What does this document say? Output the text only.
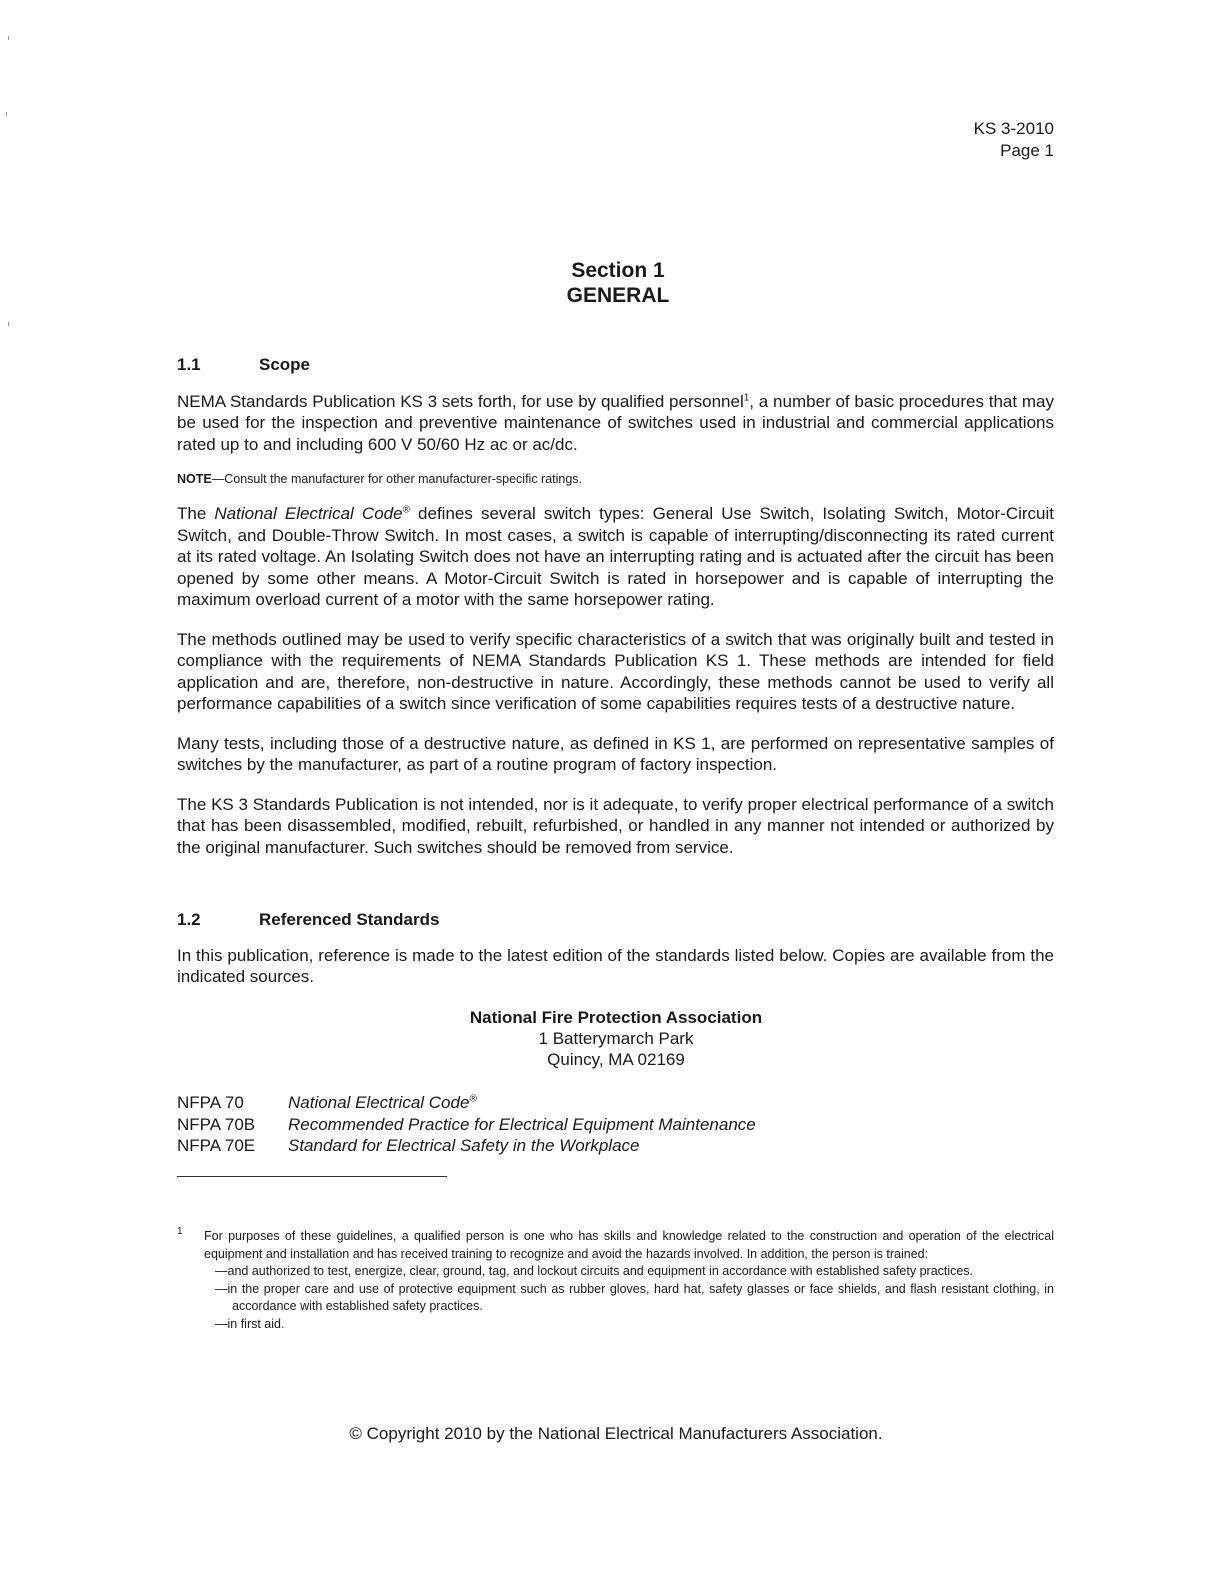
KS 3-2010
Page 1
Section 1
GENERAL
1.1	Scope

NEMA Standards Publication KS 3 sets forth, for use by qualified personnel$^1$, a number of basic procedures that may be used for the inspection and preventive maintenance of switches used in industrial and commercial applications rated up to and including 600 V 50/60 Hz ac or ac/dc.

NOTE—Consult the manufacturer for other manufacturer-specific ratings.

The National Electrical Code® defines several switch types: General Use Switch, Isolating Switch, Motor-Circuit Switch, and Double-Throw Switch. In most cases, a switch is capable of interrupting/disconnecting its rated current at its rated voltage. An Isolating Switch does not have an interrupting rating and is actuated after the circuit has been opened by some other means. A Motor-Circuit Switch is rated in horsepower and is capable of interrupting the maximum overload current of a motor with the same horsepower rating.

The methods outlined may be used to verify specific characteristics of a switch that was originally built and tested in compliance with the requirements of NEMA Standards Publication KS 1. These methods are intended for field application and are, therefore, non-destructive in nature. Accordingly, these methods cannot be used to verify all performance capabilities of a switch since verification of some capabilities requires tests of a destructive nature.

Many tests, including those of a destructive nature, as defined in KS 1, are performed on representative samples of switches by the manufacturer, as part of a routine program of factory inspection.

The KS 3 Standards Publication is not intended, nor is it adequate, to verify proper electrical performance of a switch that has been disassembled, modified, rebuilt, refurbished, or handled in any manner not intended or authorized by the original manufacturer. Such switches should be removed from service.

1.2	Referenced Standards

In this publication, reference is made to the latest edition of the standards listed below. Copies are available from the indicated sources.

National Fire Protection Association
1 Batterymarch Park
Quincy, MA 02169
NFPA 70	National Electrical Code®
NFPA 70B	Recommended Practice for Electrical Equipment Maintenance
NFPA 70E	Standard for Electrical Safety in the Workplace
1	For purposes of these guidelines, a qualified person is one who has skills and knowledge related to the construction and operation of the electrical equipment and installation and has received training to recognize and avoid the hazards involved. In addition, the person is trained:
—and authorized to test, energize, clear, ground, tag, and lockout circuits and equipment in accordance with established safety practices.
—in the proper care and use of protective equipment such as rubber gloves, hard hat, safety glasses or face shields, and flash resistant clothing, in accordance with established safety practices.
—in first aid.
© Copyright 2010 by the National Electrical Manufacturers Association.
